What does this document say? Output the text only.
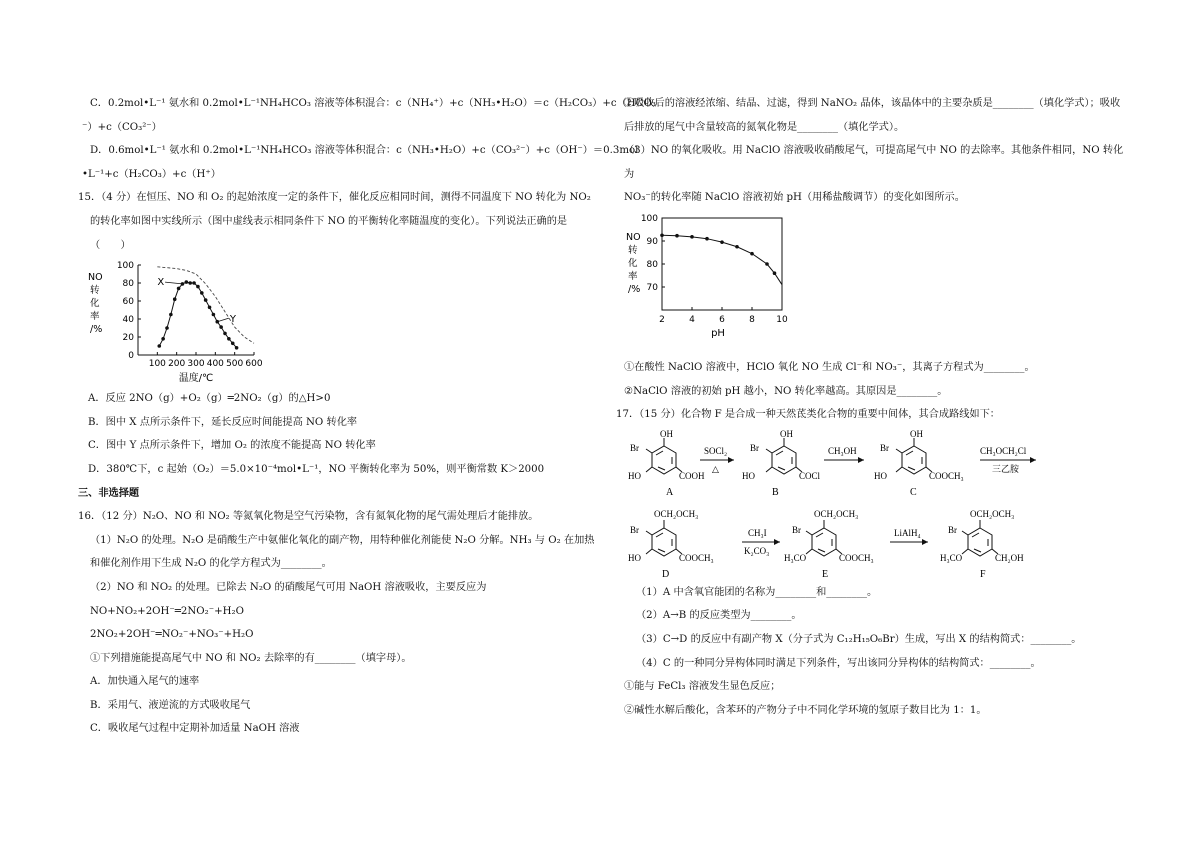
C．0.2mol•L⁻¹ 氨水和 0.2mol•L⁻¹NH₄HCO₃ 溶液等体积混合：c（NH₄⁺）+c（NH₃•H₂O）＝c（H₂CO₃）+c（HCO₃
⁻）+c（CO₃²⁻）
D．0.6mol•L⁻¹ 氨水和 0.2mol•L⁻¹NH₄HCO₃ 溶液等体积混合：c（NH₃•H₂O）+c（CO₃²⁻）+c（OH⁻）＝0.3mol
•L⁻¹+c（H₂CO₃）+c（H⁺）
15．（4 分）在恒压、NO 和 O₂ 的起始浓度一定的条件下，催化反应相同时间，测得不同温度下 NO 转化为 NO₂
的转化率如图中实线所示（图中虚线表示相同条件下 NO 的平衡转化率随温度的变化）。下列说法正确的是
（　　）
NO
转
化
率
/%
0
20
40
60
80
100
100 200 300 400 500 600
温度/℃
X
Y
A．反应 2NO（g）+O₂（g）═2NO₂（g）的△H>0
B．图中 X 点所示条件下，延长反应时间能提高 NO 转化率
C．图中 Y 点所示条件下，增加 O₂ 的浓度不能提高 NO 转化率
D．380℃下，c 起始（O₂）＝5.0×10⁻⁴mol•L⁻¹，NO 平衡转化率为 50%，则平衡常数 K＞2000
三、非选择题
16．（12 分）N₂O、NO 和 NO₂ 等氮氧化物是空气污染物，含有氮氧化物的尾气需处理后才能排放。
（1）N₂O 的处理。N₂O 是硝酸生产中氨催化氧化的副产物，用特种催化剂能使 N₂O 分解。NH₃ 与 O₂ 在加热
和催化剂作用下生成 N₂O 的化学方程式为________。
（2）NO 和 NO₂ 的处理。已除去 N₂O 的硝酸尾气可用 NaOH 溶液吸收，主要反应为
NO+NO₂+2OH⁻═2NO₂⁻+H₂O
2NO₂+2OH⁻═NO₂⁻+NO₃⁻+H₂O
①下列措施能提高尾气中 NO 和 NO₂ 去除率的有________（填字母）。
A．加快通入尾气的速率
B．采用气、液逆流的方式吸收尾气
C．吸收尾气过程中定期补加适量 NaOH 溶液
②吸收后的溶液经浓缩、结晶、过滤，得到 NaNO₂ 晶体，该晶体中的主要杂质是________（填化学式）；吸收
后排放的尾气中含量较高的氮氧化物是________（填化学式）。
（3）NO 的氧化吸收。用 NaClO 溶液吸收硝酸尾气，可提高尾气中 NO 的去除率。其他条件相同，NO 转化
为
NO₃⁻的转化率随 NaClO 溶液初始 pH（用稀盐酸调节）的变化如图所示。
NO
转
化
率
/% 70
80
90
100
2	4	6	8 10
pH
①在酸性 NaClO 溶液中，HClO 氧化 NO 生成 Cl⁻和 NO₃⁻，其离子方程式为________。
②NaClO 溶液的初始 pH 越小，NO 转化率越高。其原因是________。
17．（15 分）化合物 F 是合成一种天然茋类化合物的重要中间体，其合成路线如下：
OH
Br
HO	COOH
A
SOCl₂
△
OH
Br
HO	COCl
B
CH₃OH
OH
Br
HO	COOCH₃
C
CH₃OCH₂Cl
三乙胺
OCH₂OCH₃
Br
HO	COOCH₃
D
CH₃I
K₂CO₃
OCH₂OCH₃
Br
H₃CO	COOCH₃
E
LiAlH₄
OCH₂OCH₃
Br
H₃CO	CH₂OH
F
（1）A 中含氧官能团的名称为________和________。
（2）A→B 的反应类型为________。
（3）C→D 的反应中有副产物 X（分子式为 C₁₂H₁₅O₆Br）生成，写出 X 的结构简式：________。
（4）C 的一种同分异构体同时满足下列条件，写出该同分异构体的结构简式：________。
①能与 FeCl₃ 溶液发生显色反应；
②碱性水解后酸化，含苯环的产物分子中不同化学环境的氢原子数目比为 1：1。
